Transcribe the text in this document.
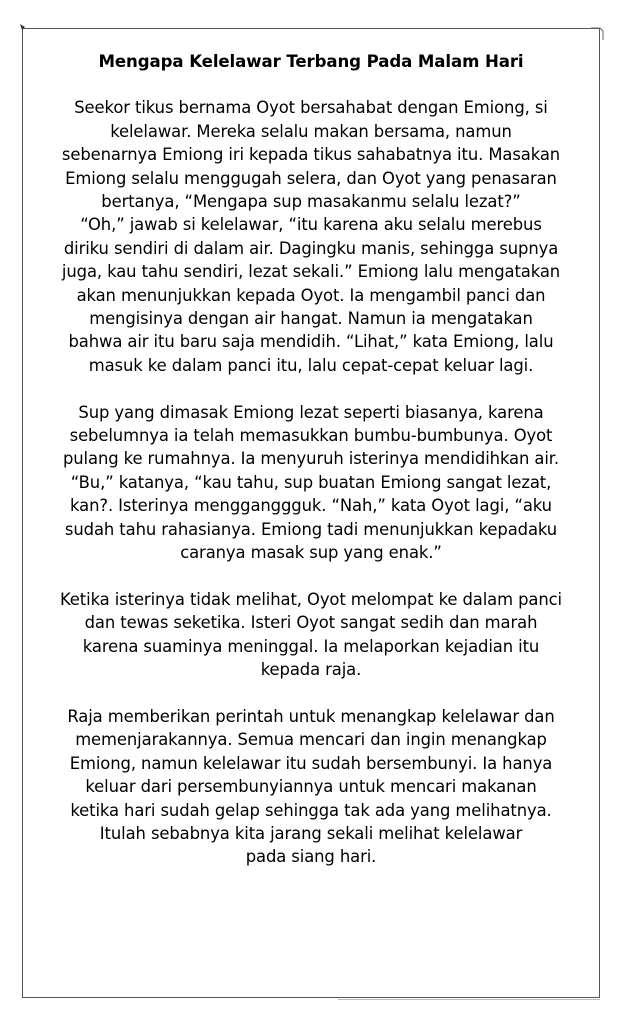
Mengapa Kelelawar Terbang Pada Malam Hari
Seekor tikus bernama Oyot bersahabat dengan Emiong, si
kelelawar. Mereka selalu makan bersama, namun
sebenarnya Emiong iri kepada tikus sahabatnya itu. Masakan
Emiong selalu menggugah selera, dan Oyot yang penasaran
bertanya, “Mengapa sup masakanmu selalu lezat?”
“Oh,” jawab si kelelawar, “itu karena aku selalu merebus
diriku sendiri di dalam air. Dagingku manis, sehingga supnya
juga, kau tahu sendiri, lezat sekali.” Emiong lalu mengatakan
akan menunjukkan kepada Oyot. Ia mengambil panci dan
mengisinya dengan air hangat. Namun ia mengatakan
bahwa air itu baru saja mendidih. “Lihat,” kata Emiong, lalu
masuk ke dalam panci itu, lalu cepat-cepat keluar lagi.
Sup yang dimasak Emiong lezat seperti biasanya, karena
sebelumnya ia telah memasukkan bumbu-bumbunya. Oyot
pulang ke rumahnya. Ia menyuruh isterinya mendidihkan air.
“Bu,” katanya, “kau tahu, sup buatan Emiong sangat lezat,
kan?. Isterinya mengganggguk. “Nah,” kata Oyot lagi, “aku
sudah tahu rahasianya. Emiong tadi menunjukkan kepadaku
caranya masak sup yang enak.”
Ketika isterinya tidak melihat, Oyot melompat ke dalam panci
dan tewas seketika. Isteri Oyot sangat sedih dan marah
karena suaminya meninggal. Ia melaporkan kejadian itu
kepada raja.
Raja memberikan perintah untuk menangkap kelelawar dan
memenjarakannya. Semua mencari dan ingin menangkap
Emiong, namun kelelawar itu sudah bersembunyi. Ia hanya
keluar dari persembunyiannya untuk mencari makanan
ketika hari sudah gelap sehingga tak ada yang melihatnya.
Itulah sebabnya kita jarang sekali melihat kelelawar
pada siang hari.
